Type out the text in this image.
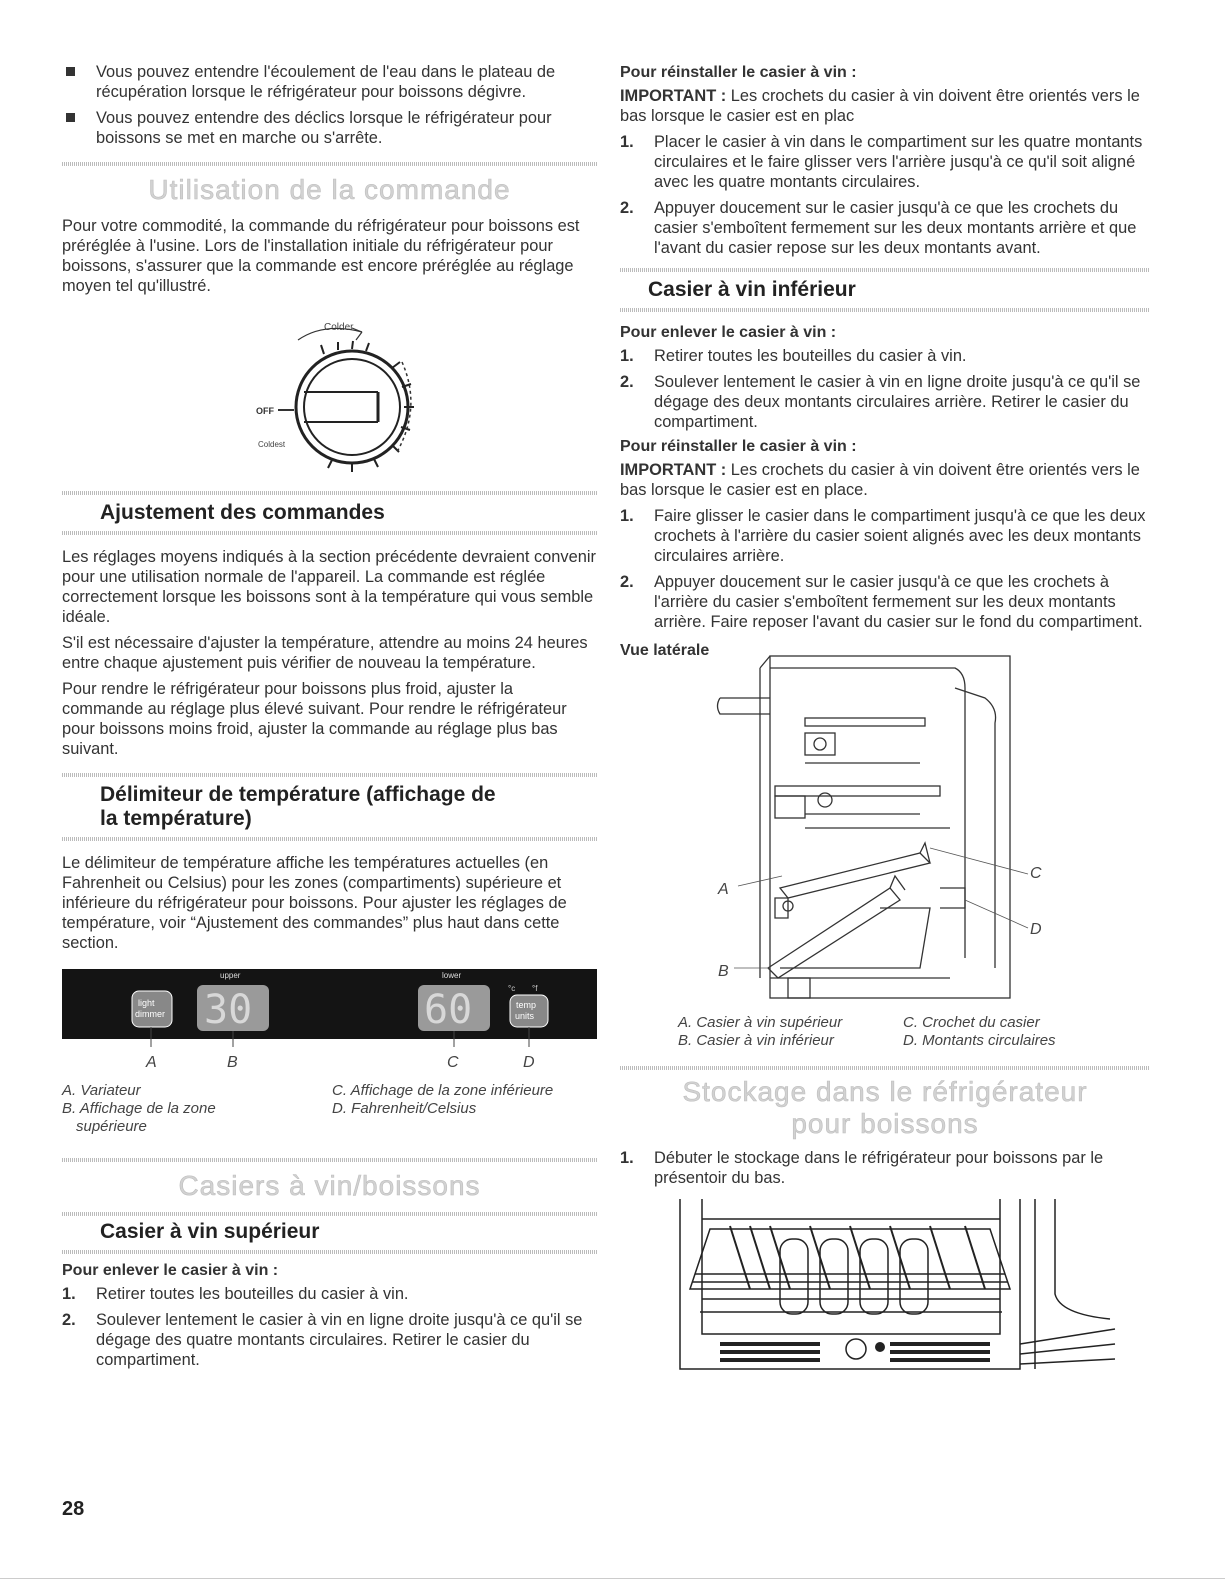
Vous pouvez entendre l'écoulement de l'eau dans le plateau de récupération lorsque le réfrigérateur pour boissons dégivre.
Vous pouvez entendre des déclics lorsque le réfrigérateur pour boissons se met en marche ou s'arrête.
Utilisation de la commande

Pour votre commodité, la commande du réfrigérateur pour boissons est préréglée à l'usine. Lors de l'installation initiale du réfrigérateur pour boissons, s'assurer que la commande est encore préréglée au réglage moyen tel qu'illustré.

Colder
OFF
Coldest
Ajustement des commandes

Les réglages moyens indiqués à la section précédente devraient convenir pour une utilisation normale de l'appareil. La commande est réglée correctement lorsque les boissons sont à la température qui vous semble idéale.

S'il est nécessaire d'ajuster la température, attendre au moins 24 heures entre chaque ajustement puis vérifier de nouveau la température.

Pour rendre le réfrigérateur pour boissons plus froid, ajuster la commande au réglage plus élevé suivant. Pour rendre le réfrigérateur pour boissons moins froid, ajuster la commande au réglage plus bas suivant.

Délimiteur de température (affichage de
la température)

Le délimiteur de température affiche les températures actuelles (en Fahrenheit ou Celsius) pour les zones (compartiments) supérieure et inférieure du réfrigérateur pour boissons. Pour ajuster les réglages de température, voir “Ajustement des commandes” plus haut dans cette section.

upper	lower
light
dimmer 30	60	°c °f
temp
units
A	B	C	D
A. Variateur
B. Affichage de la zone
supérieure
C. Affichage de la zone inférieure
D. Fahrenheit/Celsius
Casiers à vin/boissons
Casier à vin supérieur
Pour enlever le casier à vin :
1. Retirer toutes les bouteilles du casier à vin.
2. Soulever lentement le casier à vin en ligne droite jusqu'à ce qu'il se dégage des quatre montants circulaires. Retirer le casier du compartiment.
Pour réinstaller le casier à vin :

IMPORTANT : Les crochets du casier à vin doivent être orientés vers le bas lorsque le casier est en plac

1. Placer le casier à vin dans le compartiment sur les quatre montants circulaires et le faire glisser vers l'arrière jusqu'à ce qu'il soit aligné avec les quatre montants circulaires.
2. Appuyer doucement sur le casier jusqu'à ce que les crochets du casier s'emboîtent fermement sur les deux montants arrière et que l'avant du casier repose sur les deux montants avant.
Casier à vin inférieur
Pour enlever le casier à vin :
1. Retirer toutes les bouteilles du casier à vin.
2. Soulever lentement le casier à vin en ligne droite jusqu'à ce qu'il se dégage des deux montants circulaires arrière. Retirer le casier du compartiment.
Pour réinstaller le casier à vin :

IMPORTANT : Les crochets du casier à vin doivent être orientés vers le bas lorsque le casier est en place.

1. Faire glisser le casier dans le compartiment jusqu'à ce que les deux crochets à l'arrière du casier soient alignés avec les deux montants circulaires arrière.
2. Appuyer doucement sur le casier jusqu'à ce que les crochets à l'arrière du casier s'emboîtent fermement sur les deux montants arrière. Faire reposer l'avant du casier sur le fond du compartiment.
Vue latérale
A
B
C
D
A. Casier à vin supérieur
B. Casier à vin inférieur
C. Crochet du casier
D. Montants circulaires
Stockage dans le réfrigérateur
pour boissons
1. Débuter le stockage dans le réfrigérateur pour boissons par le présentoir du bas.
28
